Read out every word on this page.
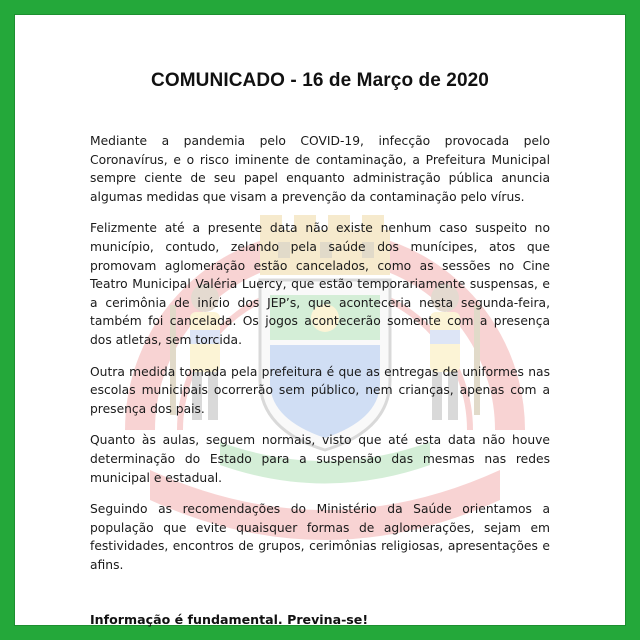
COMUNICADO - 16 de Março de 2020

Mediante a pandemia pelo COVID-19, infecção provocada pelo Coronavírus, e o risco iminente de contaminação, a Prefeitura Municipal sempre ciente de seu papel enquanto administração pública anuncia algumas medidas que visam a prevenção da contaminação pelo vírus.

Felizmente até a presente data não existe nenhum caso suspeito no município, contudo, zelando pela saúde dos munícipes, atos que promovam aglomeração estão cancelados, como as sessões no Cine Teatro Municipal Valéria Luercy, que estão temporariamente suspensas, e a cerimônia de início dos JEP’s, que aconteceria nesta segunda-feira, também foi cancelada. Os jogos acontecerão somente com a presença dos atletas, sem torcida.

Outra medida tomada pela prefeitura é que as entregas de uniformes nas escolas municipais ocorrerão sem público, nem crianças, apenas com a presença dos pais.

Quanto às aulas, seguem normais, visto que até esta data não houve determinação do Estado para a suspensão das mesmas nas redes municipal e estadual.

Seguindo as recomendações do Ministério da Saúde orientamos a população que evite quaisquer formas de aglomerações, sejam em festividades, encontros de grupos, cerimônias religiosas, apresentações e afins.

Informação é fundamental. Previna-se!
